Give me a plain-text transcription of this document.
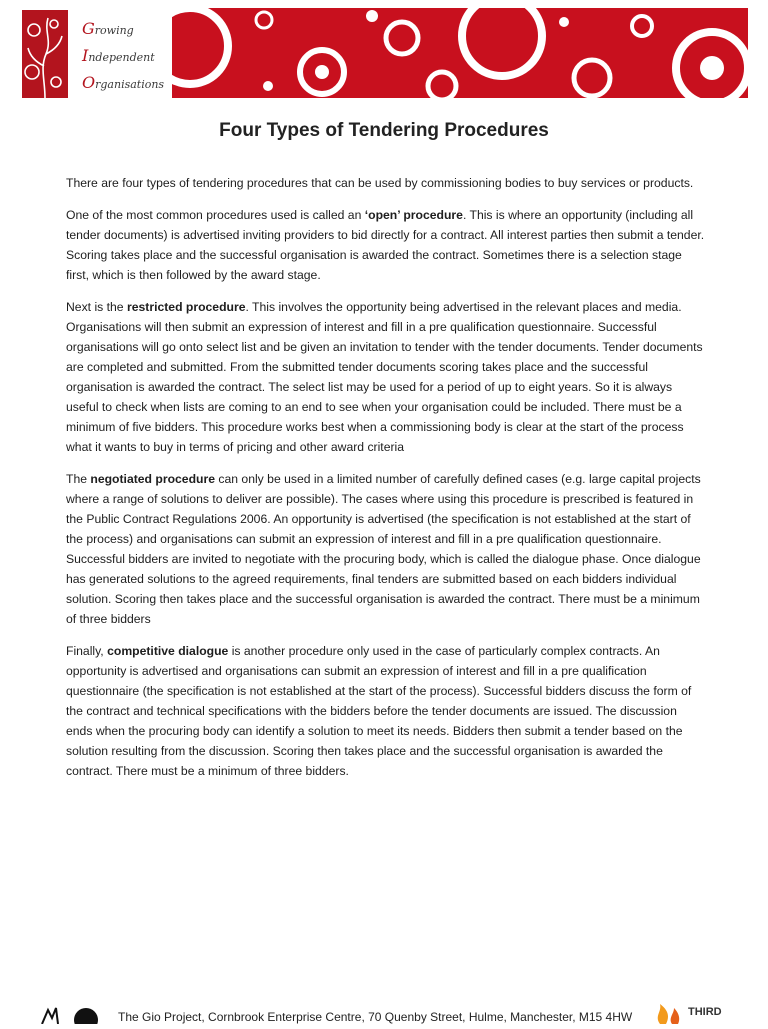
Growing
Independent
Organisations
Four Types of Tendering Procedures

There are four types of tendering procedures that can be used by commissioning bodies to buy services or products.

One of the most common procedures used is called an ‘open’ procedure. This is where an opportunity (including all tender documents) is advertised inviting providers to bid directly for a contract. All interest parties then submit a tender. Scoring takes place and the successful organisation is awarded the contract. Sometimes there is a selection stage first, which is then followed by the award stage.

Next is the restricted procedure. This involves the opportunity being advertised in the relevant places and media. Organisations will then submit an expression of interest and fill in a pre qualification questionnaire. Successful organisations will go onto select list and be given an invitation to tender with the tender documents. Tender documents are completed and submitted. From the submitted tender documents scoring takes place and the successful organisation is awarded the contract. The select list may be used for a period of up to eight years. So it is always useful to check when lists are coming to an end to see when your organisation could be included. There must be a minimum of five bidders. This procedure works best when a commissioning body is clear at the start of the process what it wants to buy in terms of pricing and other award criteria

The negotiated procedure can only be used in a limited number of carefully defined cases (e.g. large capital projects where a range of solutions to deliver are possible). The cases where using this procedure is prescribed is featured in the Public Contract Regulations 2006. An opportunity is advertised (the specification is not established at the start of the process) and organisations can submit an expression of interest and fill in a pre qualification questionnaire. Successful bidders are invited to negotiate with the procuring body, which is called the dialogue phase. Once dialogue has generated solutions to the agreed requirements, final tenders are submitted based on each bidders individual solution. Scoring then takes place and the successful organisation is awarded the contract. There must be a minimum of three bidders

Finally, competitive dialogue is another procedure only used in the case of particularly complex contracts. An opportunity is advertised and organisations can submit an expression of interest and fill in a pre qualification questionnaire (the specification is not established at the start of the process). Successful bidders discuss the form of the contract and technical specifications with the bidders before the tender documents are issued. The discussion ends when the procuring body can identify a solution to meet its needs. Bidders then submit a tender based on the solution resulting from the discussion. Scoring then takes place and the successful organisation is awarded the contract. There must be a minimum of three bidders.

The Gio Project, Cornbrook Enterprise Centre, 70 Quenby Street, Hulme, Manchester, M15 4HW	THIRD
